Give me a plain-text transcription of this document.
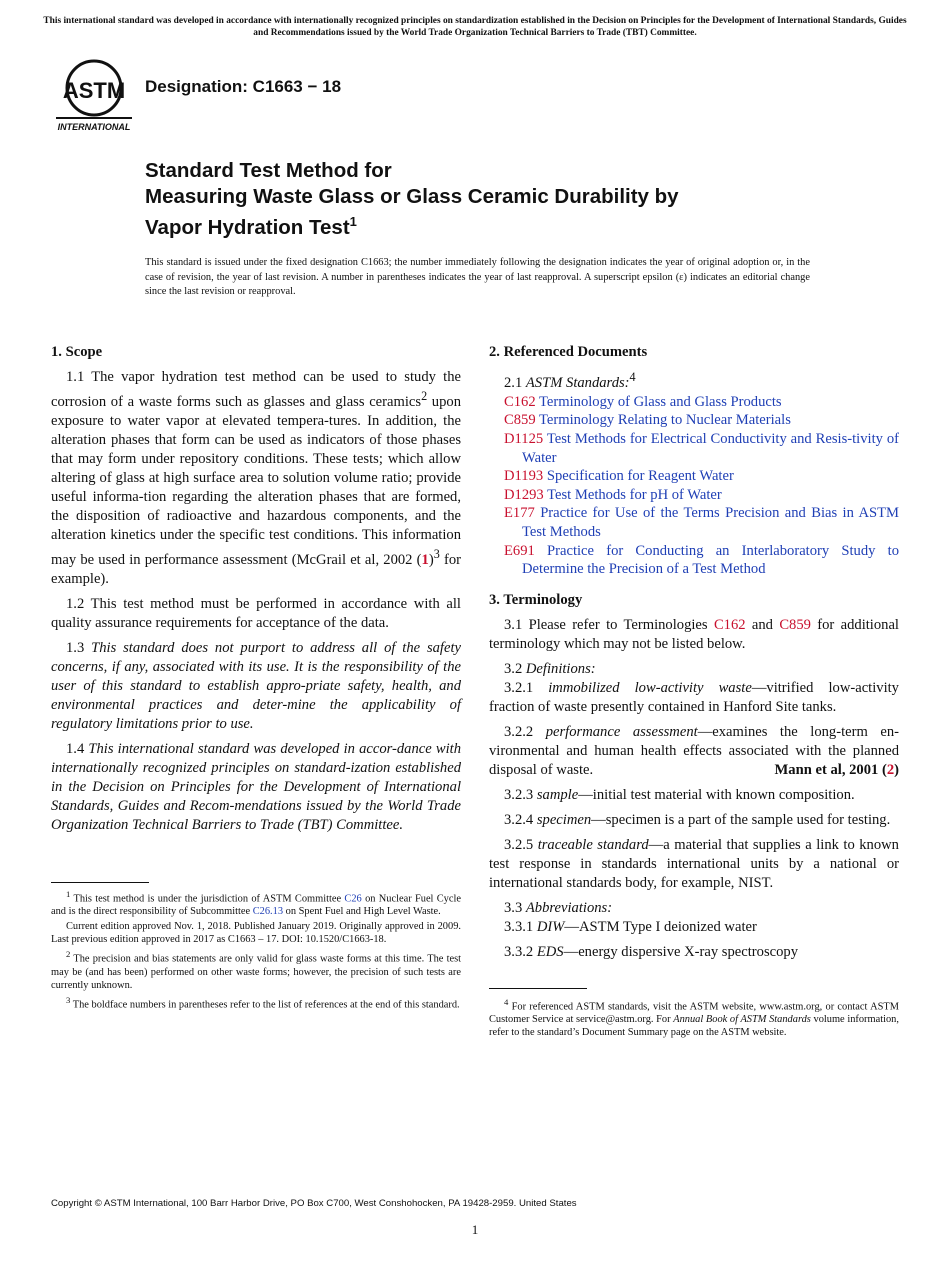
This international standard was developed in accordance with internationally recognized principles on standardization established in the Decision on Principles for the Development of International Standards, Guides and Recommendations issued by the World Trade Organization Technical Barriers to Trade (TBT) Committee.
ASTM
INTERNATIONAL
Designation: C1663 − 18
Standard Test Method for
Measuring Waste Glass or Glass Ceramic Durability by
Vapor Hydration Test$^1$
This standard is issued under the fixed designation C1663; the number immediately following the designation indicates the year of original adoption or, in the case of revision, the year of last revision. A number in parentheses indicates the year of last reapproval. A superscript epsilon (ε) indicates an editorial change since the last revision or reapproval.
1. Scope

1.1 The vapor hydration test method can be used to study the corrosion of a waste forms such as glasses and glass ceramics$^2$ upon exposure to water vapor at elevated tempera-tures. In addition, the alteration phases that form can be used as indicators of those phases that may form under repository conditions. These tests; which allow altering of glass at high surface area to solution volume ratio; provide useful informa-tion regarding the alteration phases that are formed, the disposition of radioactive and hazardous components, and the alteration kinetics under the specific test conditions. This information may be used in performance assessment (McGrail et al, 2002 $(1)^3$ for example).

1.2 This test method must be performed in accordance with all quality assurance requirements for acceptance of the data.

1.3 This standard does not purport to address all of the safety concerns, if any, associated with its use. It is the responsibility of the user of this standard to establish appro-priate safety, health, and environmental practices and deter-mine the applicability of regulatory limitations prior to use.

1.4 This international standard was developed in accor-dance with internationally recognized principles on standard-ization established in the Decision on Principles for the Development of International Standards, Guides and Recom-mendations issued by the World Trade Organization Technical Barriers to Trade (TBT) Committee.

$^1$ This test method is under the jurisdiction of ASTM Committee C26 on Nuclear Fuel Cycle and is the direct responsibility of Subcommittee C26.13 on Spent Fuel and High Level Waste.

Current edition approved Nov. 1, 2018. Published January 2019. Originally approved in 2009. Last previous edition approved in 2017 as C1663 – 17. DOI: 10.1520/C1663-18.

$^2$ The precision and bias statements are only valid for glass waste forms at this time. The test may be (and has been) performed on other waste forms; however, the precision of such tests are currently unknown.

$^3$ The boldface numbers in parentheses refer to the list of references at the end of this standard.

2. Referenced Documents

2.1 ASTM Standards:$^4$

C162 Terminology of Glass and Glass Products
C859 Terminology Relating to Nuclear Materials
D1125 Test Methods for Electrical Conductivity and Resis-tivity of Water
D1193 Specification for Reagent Water
D1293 Test Methods for pH of Water
E177 Practice for Use of the Terms Precision and Bias in ASTM Test Methods
E691 Practice for Conducting an Interlaboratory Study to Determine the Precision of a Test Method
3. Terminology

3.1 Please refer to Terminologies C162 and C859 for additional terminology which may not be listed below.

3.2 Definitions:

3.2.1 immobilized low-activity waste—vitrified low-activity fraction of waste presently contained in Hanford Site tanks.

3.2.2 performance assessment—examines the long-term en-vironmental and human health effects associated with the planned disposal of waste.	Mann et al, 2001 (2)

3.2.3 sample—initial test material with known composition.

3.2.4 specimen—specimen is a part of the sample used for testing.

3.2.5 traceable standard—a material that supplies a link to known test response in standards international units by a national or international standards body, for example, NIST.

3.3 Abbreviations:

3.3.1 DIW—ASTM Type I deionized water

3.3.2 EDS—energy dispersive X-ray spectroscopy

$^4$ For referenced ASTM standards, visit the ASTM website, www.astm.org, or contact ASTM Customer Service at service@astm.org. For Annual Book of ASTM Standards volume information, refer to the standard’s Document Summary page on the ASTM website.

Copyright © ASTM International, 100 Barr Harbor Drive, PO Box C700, West Conshohocken, PA 19428-2959. United States
1
